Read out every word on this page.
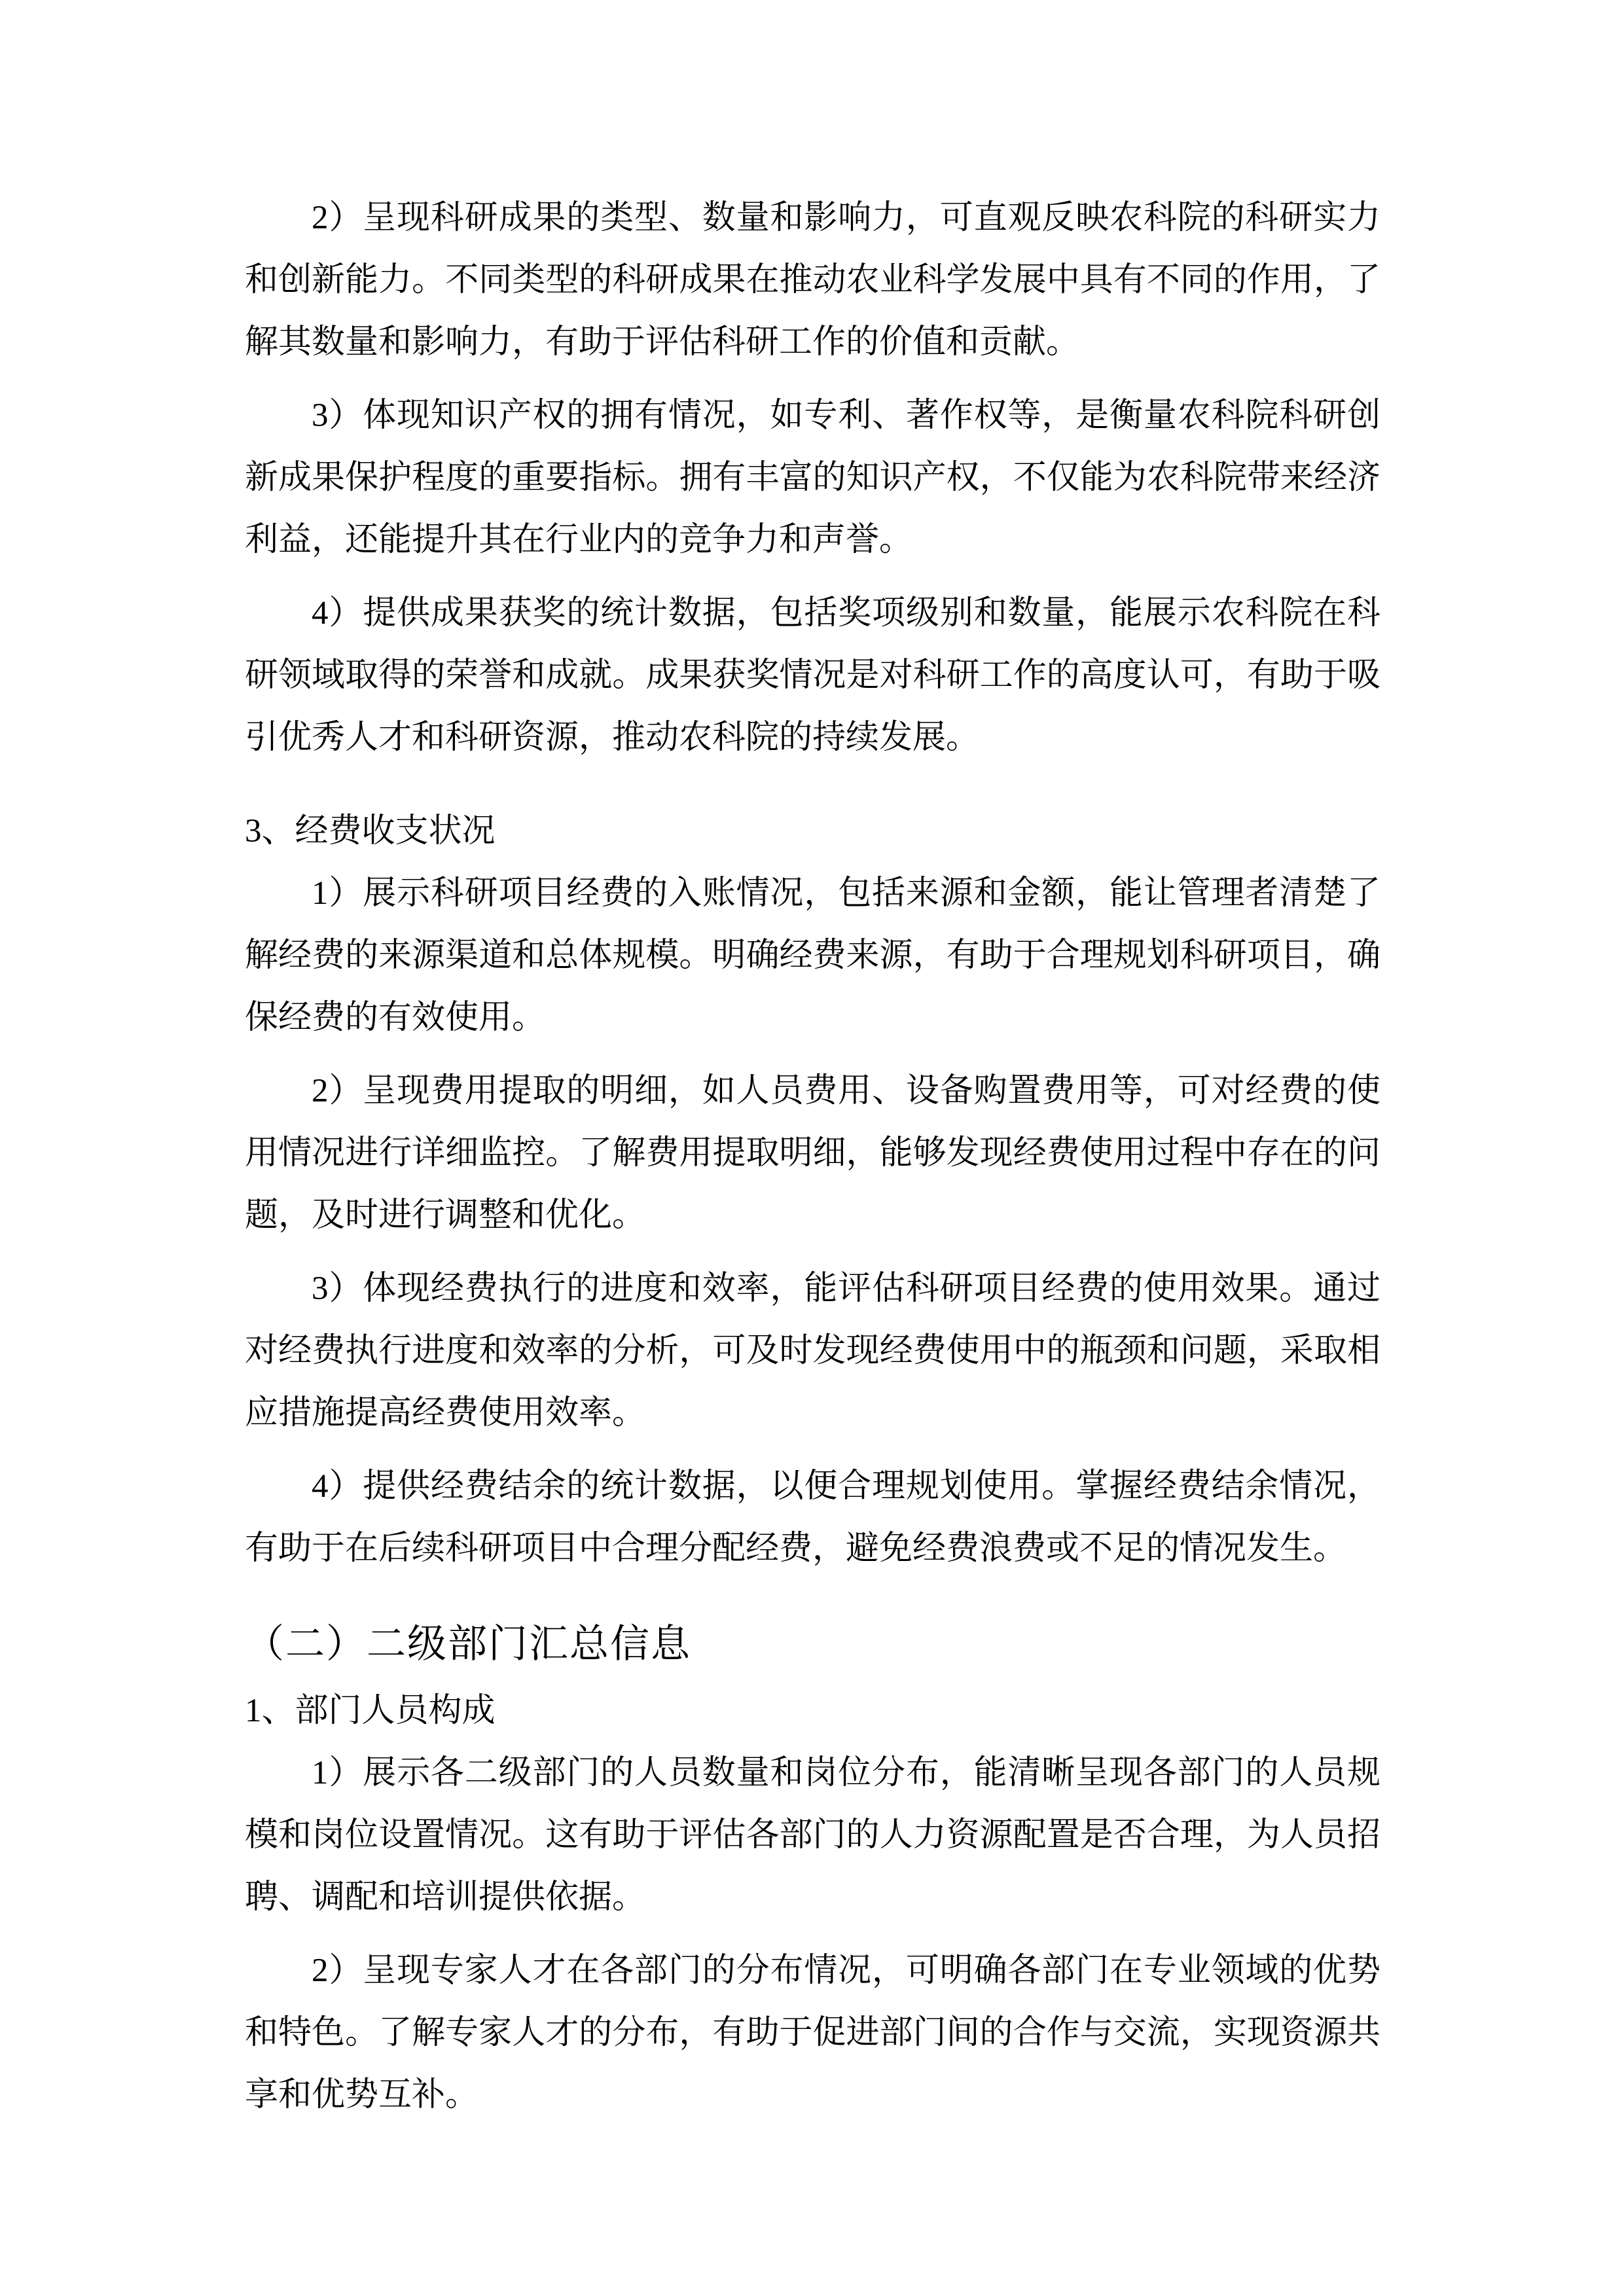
2）呈现科研成果的类型、数量和影响力，可直观反映农科院的科研实力和创新能力。不同类型的科研成果在推动农业科学发展中具有不同的作用，了解其数量和影响力，有助于评估科研工作的价值和贡献。
3）体现知识产权的拥有情况，如专利、著作权等，是衡量农科院科研创新成果保护程度的重要指标。拥有丰富的知识产权，不仅能为农科院带来经济利益，还能提升其在行业内的竞争力和声誉。
4）提供成果获奖的统计数据，包括奖项级别和数量，能展示农科院在科研领域取得的荣誉和成就。成果获奖情况是对科研工作的高度认可，有助于吸引优秀人才和科研资源，推动农科院的持续发展。
3、经费收支状况
1）展示科研项目经费的入账情况，包括来源和金额，能让管理者清楚了解经费的来源渠道和总体规模。明确经费来源，有助于合理规划科研项目，确保经费的有效使用。
2）呈现费用提取的明细，如人员费用、设备购置费用等，可对经费的使用情况进行详细监控。了解费用提取明细，能够发现经费使用过程中存在的问题，及时进行调整和优化。
3）体现经费执行的进度和效率，能评估科研项目经费的使用效果。通过对经费执行进度和效率的分析，可及时发现经费使用中的瓶颈和问题，采取相应措施提高经费使用效率。
4）提供经费结余的统计数据，以便合理规划使用。掌握经费结余情况，有助于在后续科研项目中合理分配经费，避免经费浪费或不足的情况发生。
（二）二级部门汇总信息
1、部门人员构成
1）展示各二级部门的人员数量和岗位分布，能清晰呈现各部门的人员规模和岗位设置情况。这有助于评估各部门的人力资源配置是否合理，为人员招聘、调配和培训提供依据。
2）呈现专家人才在各部门的分布情况，可明确各部门在专业领域的优势和特色。了解专家人才的分布，有助于促进部门间的合作与交流，实现资源共享和优势互补。
